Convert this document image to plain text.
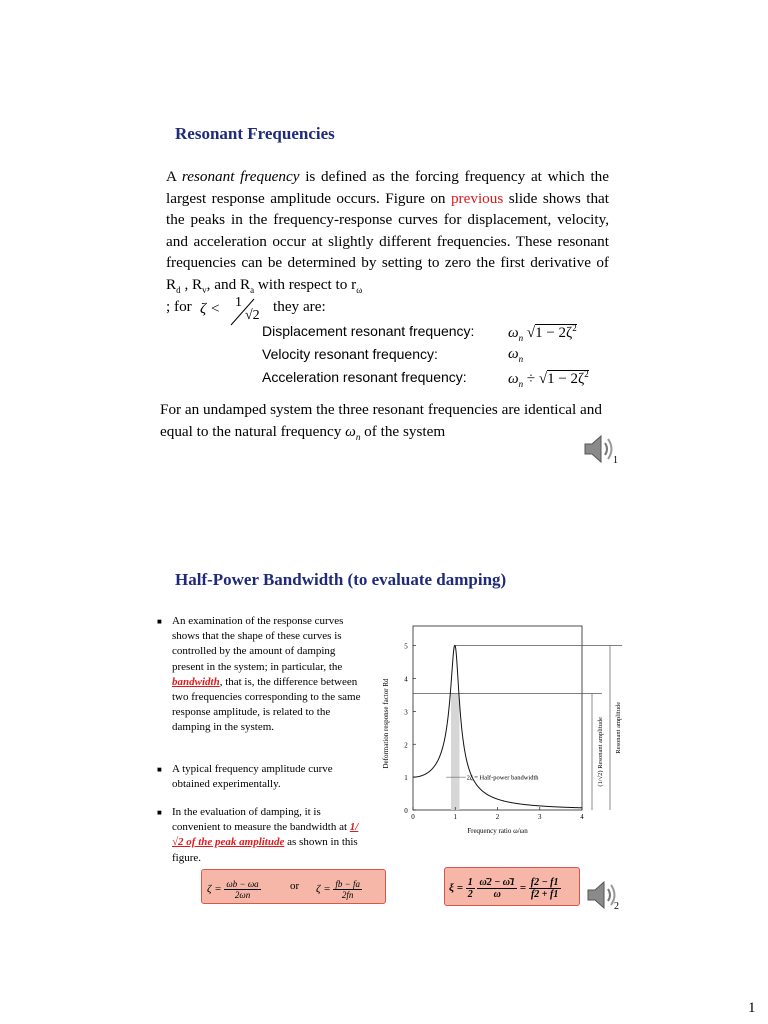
Resonant Frequencies
A resonant frequency is defined as the forcing frequency at which the largest response amplitude occurs. Figure on previous slide shows that the peaks in the frequency-response curves for displacement, velocity, and acceleration occur at slightly different frequencies. These resonant frequencies can be determined by setting to zero the first derivative of $R_d$ , $R_v$, and $R_a$ with respect to $r_\omega$
; for ζ < 1
√2
they are:
Displacement resonant frequency: $\omega_n$ $√1 - 2\zeta^2$
Velocity resonant frequency:	$\omega_n$
Acceleration resonant frequency:	$\omega_n \div √1 - 2\zeta^2$
For an undamped system the three resonant frequencies are identical and equal to the natural frequency $\omega_n$ of the system
1
Half-Power Bandwidth (to evaluate damping)
■ An examination of the response curves shows that the shape of these curves is controlled by the amount of damping present in the system; in particular, the bandwidth, that is, the difference between two frequencies corresponding to the same response amplitude, is related to the damping in the system.
■ A typical frequency amplitude curve obtained experimentally.
■ In the evaluation of damping, it is convenient to measure the bandwidth at 1/√2 of the peak amplitude as shown in this figure.
0
1
2
3
4
5
0	1	2	3	4
2ζ = Half-power bandwidth	(1/√2) Resonant amplitude Resonant amplitude
Deformation response factor Rd
Frequency ratio ω/ωn
$\zeta = \frac{\omega b - \omega a}{2\omega n}$	or $\zeta = \frac{fb - fa}{2fn}$	$\xi = \frac{1}{2}$
$\frac{\omegā2 - \omegā1}{\omega} = \frac{f2 - f1}{f2 + f1}$
2
1
